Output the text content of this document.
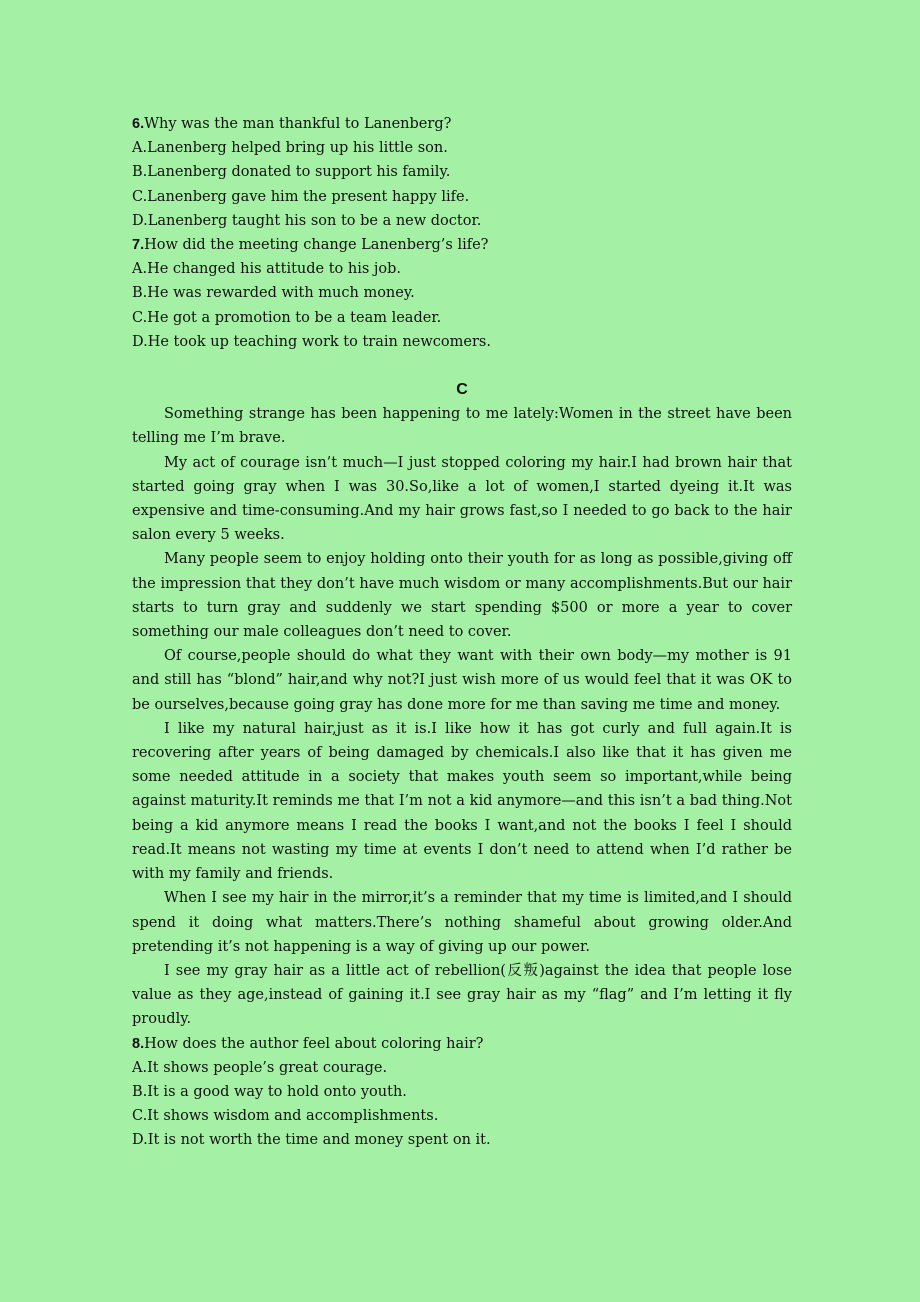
6.Why was the man thankful to Lanenberg?

A.Lanenberg helped bring up his little son.

B.Lanenberg donated to support his family.

C.Lanenberg gave him the present happy life.

D.Lanenberg taught his son to be a new doctor.

7.How did the meeting change Lanenberg’s life?

A.He changed his attitude to his job.

B.He was rewarded with much money.

C.He got a promotion to be a team leader.

D.He took up teaching work to train newcomers.

C

Something strange has been happening to me lately:Women in the street have been telling me I’m brave.

My act of courage isn’t much—I just stopped coloring my hair.I had brown hair that started going gray when I was 30.So,like a lot of women,I started dyeing it.It was expensive and time-consuming.And my hair grows fast,so I needed to go back to the hair salon every 5 weeks.

Many people seem to enjoy holding onto their youth for as long as possible,giving off the impression that they don’t have much wisdom or many accomplishments.But our hair starts to turn gray and suddenly we start spending $500 or more a year to cover something our male colleagues don’t need to cover.

Of course,people should do what they want with their own body—my mother is 91 and still has “blond” hair,and why not?I just wish more of us would feel that it was OK to be ourselves,because going gray has done more for me than saving me time and money.

I like my natural hair,just as it is.I like how it has got curly and full again.It is recovering after years of being damaged by chemicals.I also like that it has given me some needed attitude in a society that makes youth seem so important,while being against maturity.It reminds me that I’m not a kid anymore—and this isn’t a bad thing.Not being a kid anymore means I read the books I want,and not the books I feel I should read.It means not wasting my time at events I don’t need to attend when I’d rather be with my family and friends.

When I see my hair in the mirror,it’s a reminder that my time is limited,and I should spend it doing what matters.There’s nothing shameful about growing older.And pretending it’s not happening is a way of giving up our power.

I see my gray hair as a little act of rebellion(反叛)against the idea that people lose value as they age,instead of gaining it.I see gray hair as my “flag” and I’m letting it fly proudly.

8.How does the author feel about coloring hair?

A.It shows people’s great courage.

B.It is a good way to hold onto youth.

C.It shows wisdom and accomplishments.

D.It is not worth the time and money spent on it.
